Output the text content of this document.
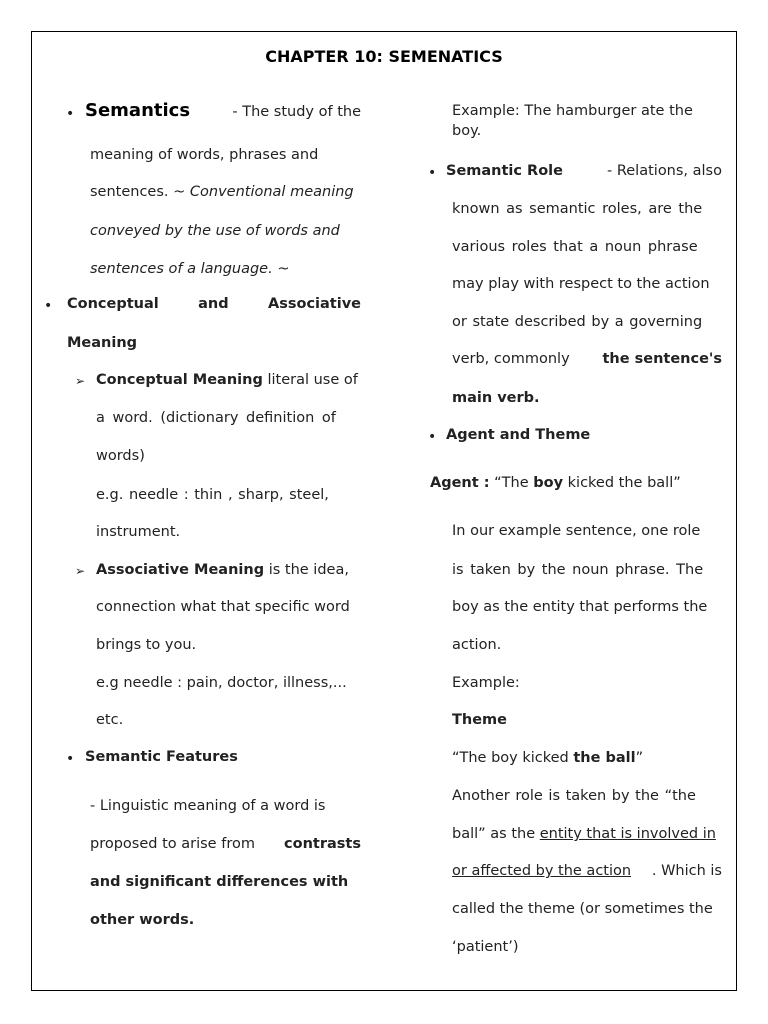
CHAPTER 10: SEMENATICS
• Semantics	- The study of the
meaning of words, phrases and
sentences. ~ Conventional meaning
conveyed by the use of words and
sentences of a language. ~
• Conceptual	and	Associative
Meaning
➢ Conceptual Meaning literal use of
a word. (dictionary definition of
words)
e.g. needle : thin , sharp, steel,
instrument.
➢ Associative Meaning is the idea,
connection what that specific word
brings to you.
e.g needle : pain, doctor, illness,...
etc.
• Semantic Features
- Linguistic meaning of a word is
proposed to arise from contrasts
and significant differences with
other words.
Example: The hamburger ate the
boy.
• Semantic Role	- Relations, also
known as semantic roles, are the
various roles that a noun phrase
may play with respect to the action
or state described by a governing
verb, commonly the sentence's
main verb.
• Agent and Theme
Agent : “The boy kicked the ball”
In our example sentence, one role
is taken by the noun phrase. The
boy as the entity that performs the
action.
Example:
Theme
“The boy kicked the ball”
Another role is taken by the “the
ball” as the entity that is involved in
or affected by the action . Which is
called the theme (or sometimes the
‘patient’)
